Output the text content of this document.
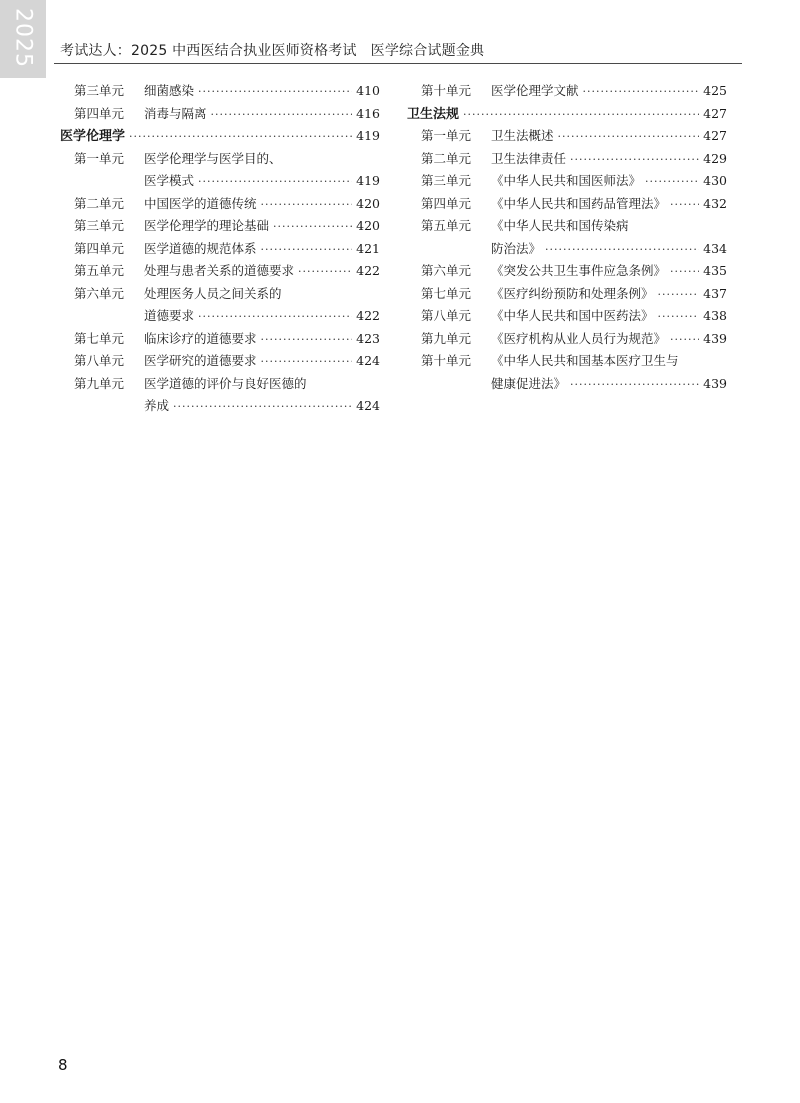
2025 考试达人：2025 中西医结合执业医师资格考试   医学综合试题金典
第三单元 细菌感染 ·····	410
第四单元 消毒与隔离 ·····	416
医学伦理学 ·····	419
第一单元 医学伦理学与医学目的、
医学模式 ·····	419
第二单元 中国医学的道德传统 ·····	420
第三单元 医学伦理学的理论基础 ·····	420
第四单元 医学道德的规范体系 ·····	421
第五单元 处理与患者关系的道德要求 ·····	422
第六单元 处理医务人员之间关系的
道德要求 ·····	422
第七单元 临床诊疗的道德要求 ·····	423
第八单元 医学研究的道德要求 ·····	424
第九单元 医学道德的评价与良好医德的
养成 ·····	424
第十单元 医学伦理学文献 ·····	425
卫生法规 ·····	427
第一单元 卫生法概述 ·····	427
第二单元 卫生法律责任 ·····	429
第三单元 《中华人民共和国医师法》 ·····	430
第四单元 《中华人民共和国药品管理法》 ·····	432
第五单元 《中华人民共和国传染病
防治法》 ·····	434
第六单元 《突发公共卫生事件应急条例》 ·····	435
第七单元 《医疗纠纷预防和处理条例》 ·····	437
第八单元 《中华人民共和国中医药法》 ·····	438
第九单元 《医疗机构从业人员行为规范》 ·····	439
第十单元 《中华人民共和国基本医疗卫生与
健康促进法》 ·····	439
8
